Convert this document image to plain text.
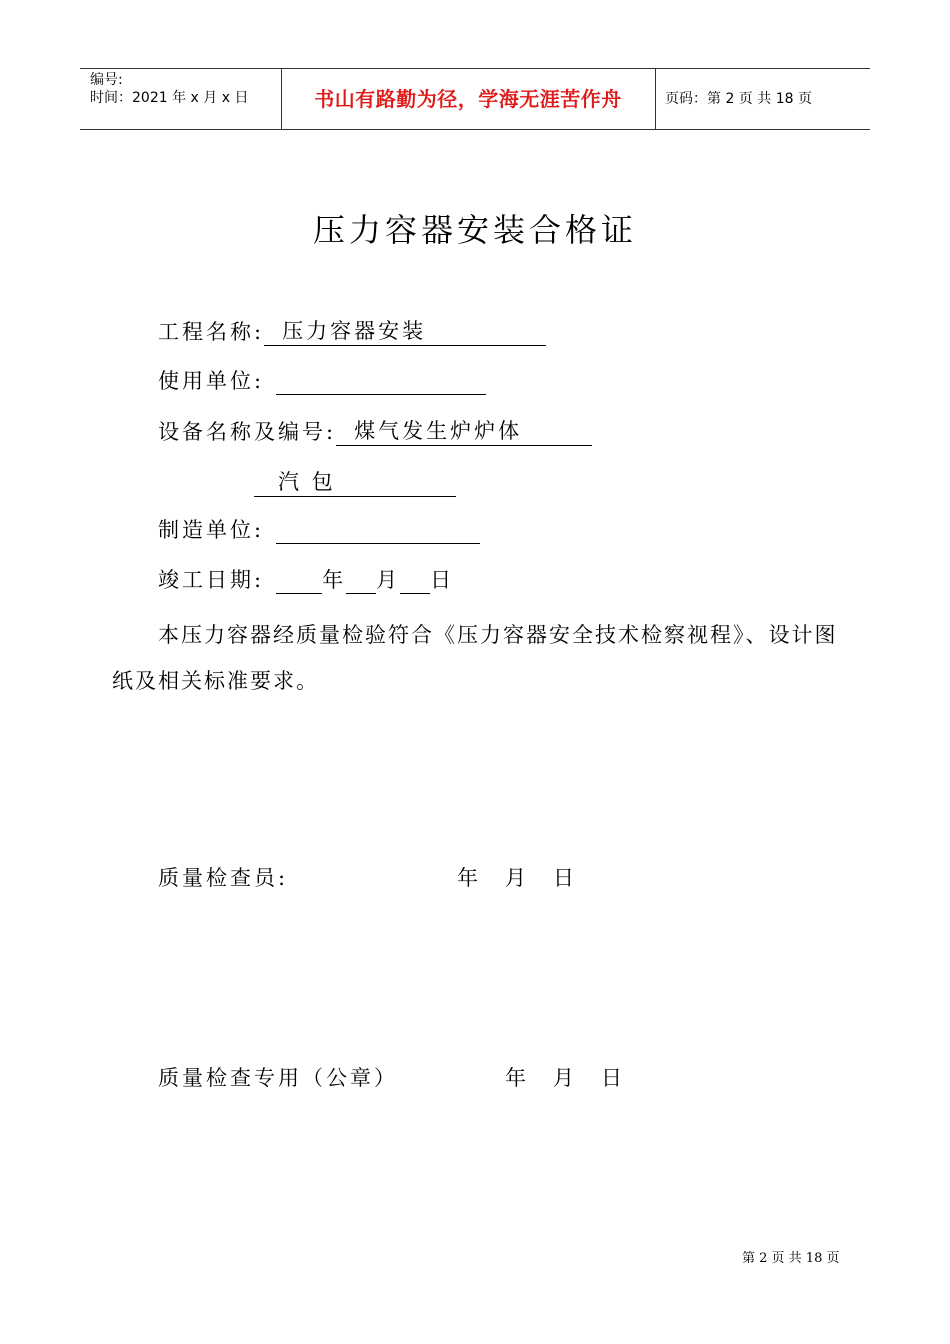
编号:
时间：2021 年 x 月 x 日	书山有路勤为径，学海无涯苦作舟	页码：第 2 页 共 18 页
压力容器安装合格证
工程名称: 压力容器安装
使用单位:
设备名称及编号: 煤气发生炉炉体
汽 包
制造单位:
竣工日期:	年 月 日
本压力容器经质量检验符合《压力容器安全技术检察视程》、设计图纸及相关标准要求。
质量检查员:	年　月　日
质量检查专用（公章）	年　月　日
第 2 页 共 18 页
